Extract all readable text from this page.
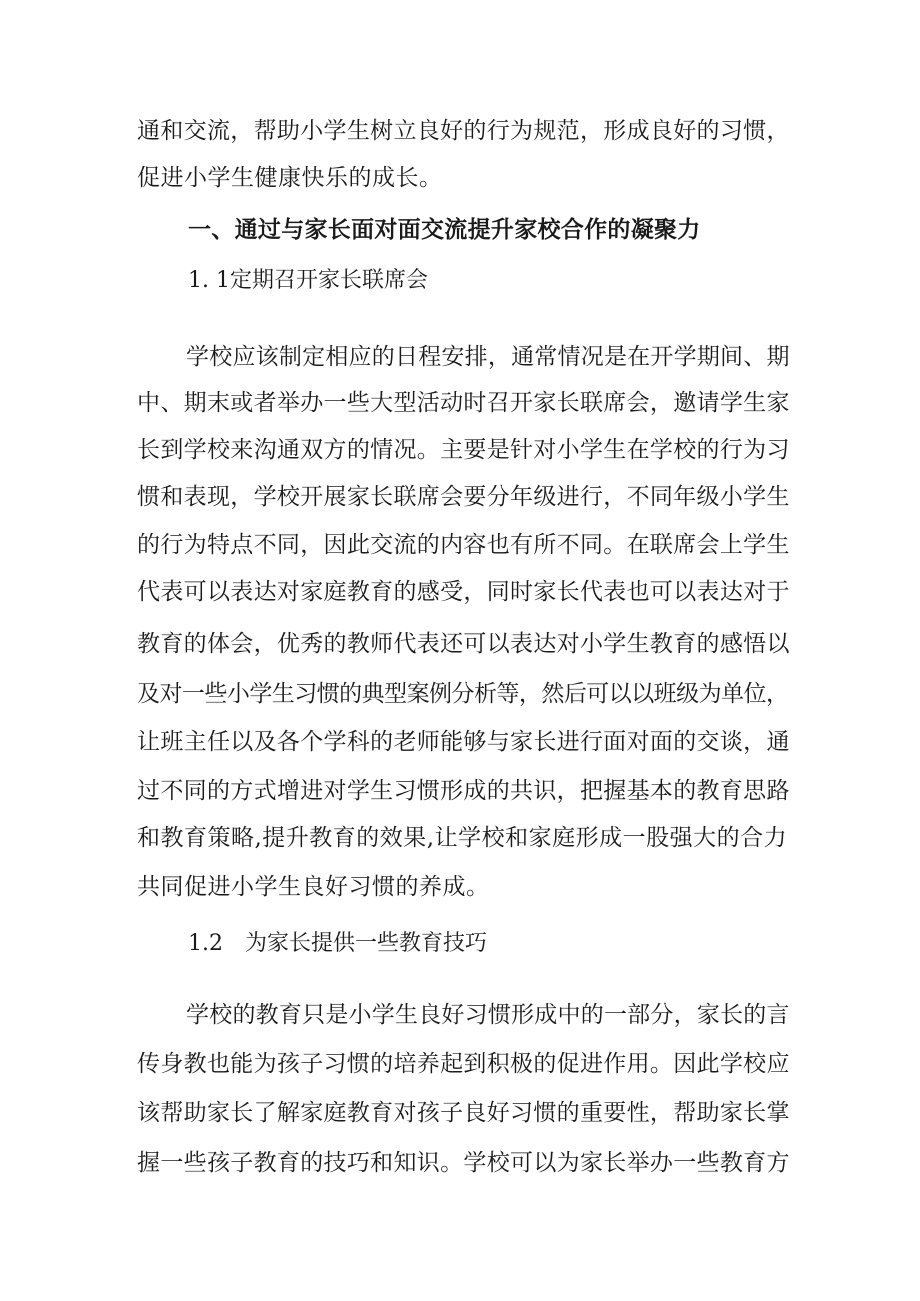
通和交流，帮助小学生树立良好的行为规范，形成良好的习惯，
促进小学生健康快乐的成长。
一、通过与家长面对面交流提升家校合作的凝聚力
1. 1定期召开家长联席会
学校应该制定相应的日程安排，通常情况是在开学期间、期
中、期末或者举办一些大型活动时召开家长联席会，邀请学生家
长到学校来沟通双方的情况。主要是针对小学生在学校的行为习
惯和表现，学校开展家长联席会要分年级进行，不同年级小学生
的行为特点不同，因此交流的内容也有所不同。在联席会上学生
代表可以表达对家庭教育的感受，同时家长代表也可以表达对于
教育的体会，优秀的教师代表还可以表达对小学生教育的感悟以
及对一些小学生习惯的典型案例分析等，然后可以以班级为单位，
让班主任以及各个学科的老师能够与家长进行面对面的交谈，通
过不同的方式增进对学生习惯形成的共识，把握基本的教育思路
和教育策略,提升教育的效果,让学校和家庭形成一股强大的合力
共同促进小学生良好习惯的养成。
1.2　为家长提供一些教育技巧
学校的教育只是小学生良好习惯形成中的一部分，家长的言
传身教也能为孩子习惯的培养起到积极的促进作用。因此学校应
该帮助家长了解家庭教育对孩子良好习惯的重要性，帮助家长掌
握一些孩子教育的技巧和知识。学校可以为家长举办一些教育方
